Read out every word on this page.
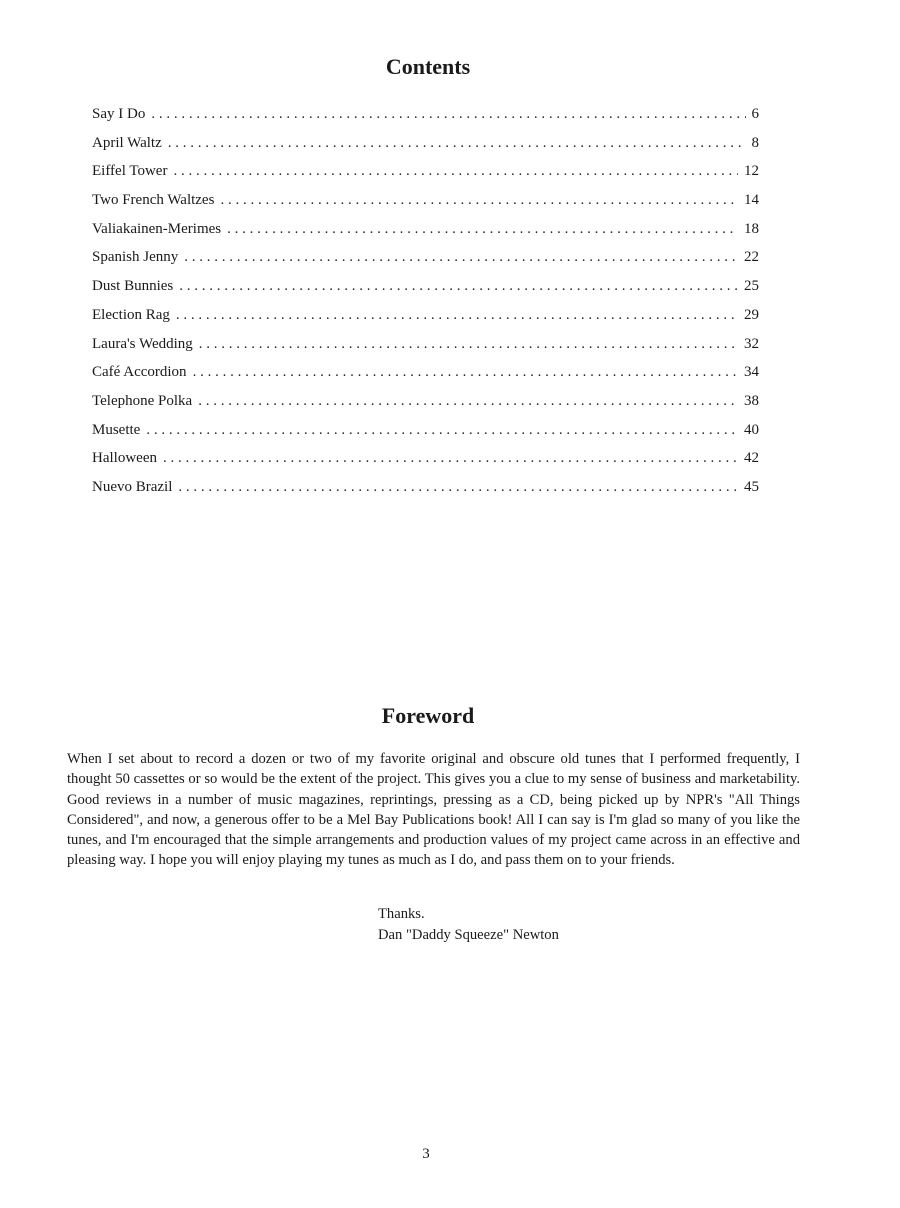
Contents
Say I Do . . .	6
April Waltz . . .	8
Eiffel Tower . . .	12
Two French Waltzes . . .	14
Valiakainen-Merimes . . .	18
Spanish Jenny . . .	22
Dust Bunnies . . .	25
Election Rag . . .	29
Laura's Wedding . . .	32
Café Accordion . . .	34
Telephone Polka . . .	38
Musette . . .	40
Halloween . . .	42
Nuevo Brazil . . .	45
Foreword

When I set about to record a dozen or two of my favorite original and obscure old tunes that I performed frequently, I thought 50 cassettes or so would be the extent of the project. This gives you a clue to my sense of business and marketability. Good reviews in a number of music magazines, reprintings, pressing as a CD, being picked up by NPR's "All Things Considered", and now, a generous offer to be a Mel Bay Publications book! All I can say is I'm glad so many of you like the tunes, and I'm encouraged that the simple arrangements and production values of my project came across in an effective and pleasing way. I hope you will enjoy playing my tunes as much as I do, and pass them on to your friends.

Thanks.
Dan "Daddy Squeeze" Newton
3
